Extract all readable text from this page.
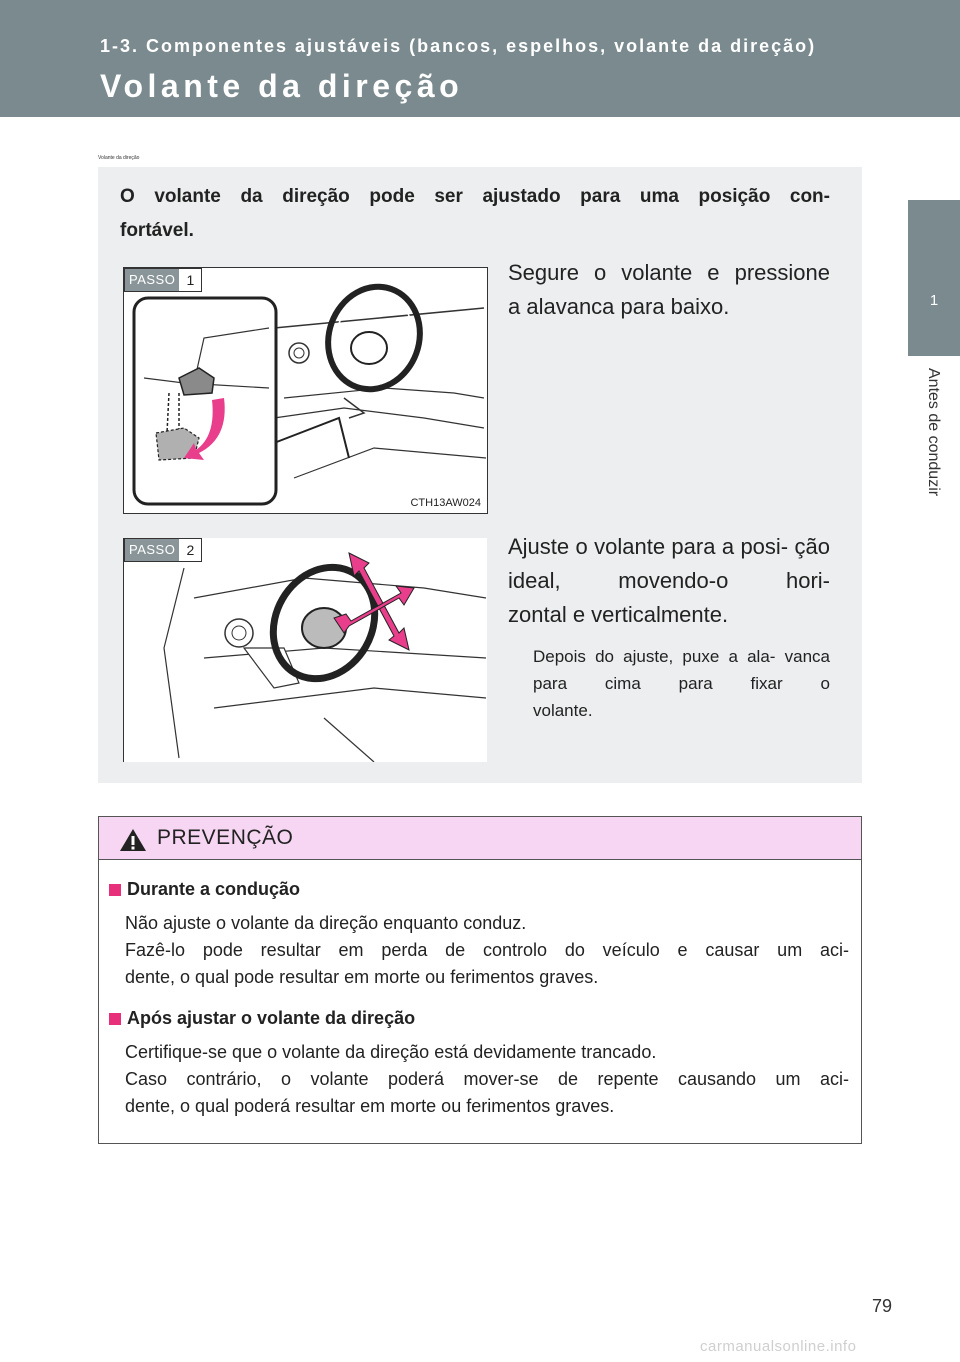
1-3. Componentes ajustáveis (bancos, espelhos, volante da direção)
Volante da direção
1
Antes de conduzir
Volante da direção
O volante da direção pode ser ajustado para uma posição con-
fortável.
PASSO 1
CTH13AW024
PASSO 2
Segure o volante e pressione
a alavanca para baixo.
Ajuste o volante para a posi- ção ideal, movendo-o hori-
zontal e verticalmente.
Depois do ajuste, puxe a ala- vanca para cima para fixar o
volante.
PREVENÇÃO
Durante a condução
Não ajuste o volante da direção enquanto conduz.
Fazê-lo pode resultar em perda de controlo do veículo e causar um aci-
dente, o qual pode resultar em morte ou ferimentos graves.
Após ajustar o volante da direção
Certifique-se que o volante da direção está devidamente trancado.
Caso contrário, o volante poderá mover-se de repente causando um aci-
dente, o qual poderá resultar em morte ou ferimentos graves.
79
carmanualsonline.info
